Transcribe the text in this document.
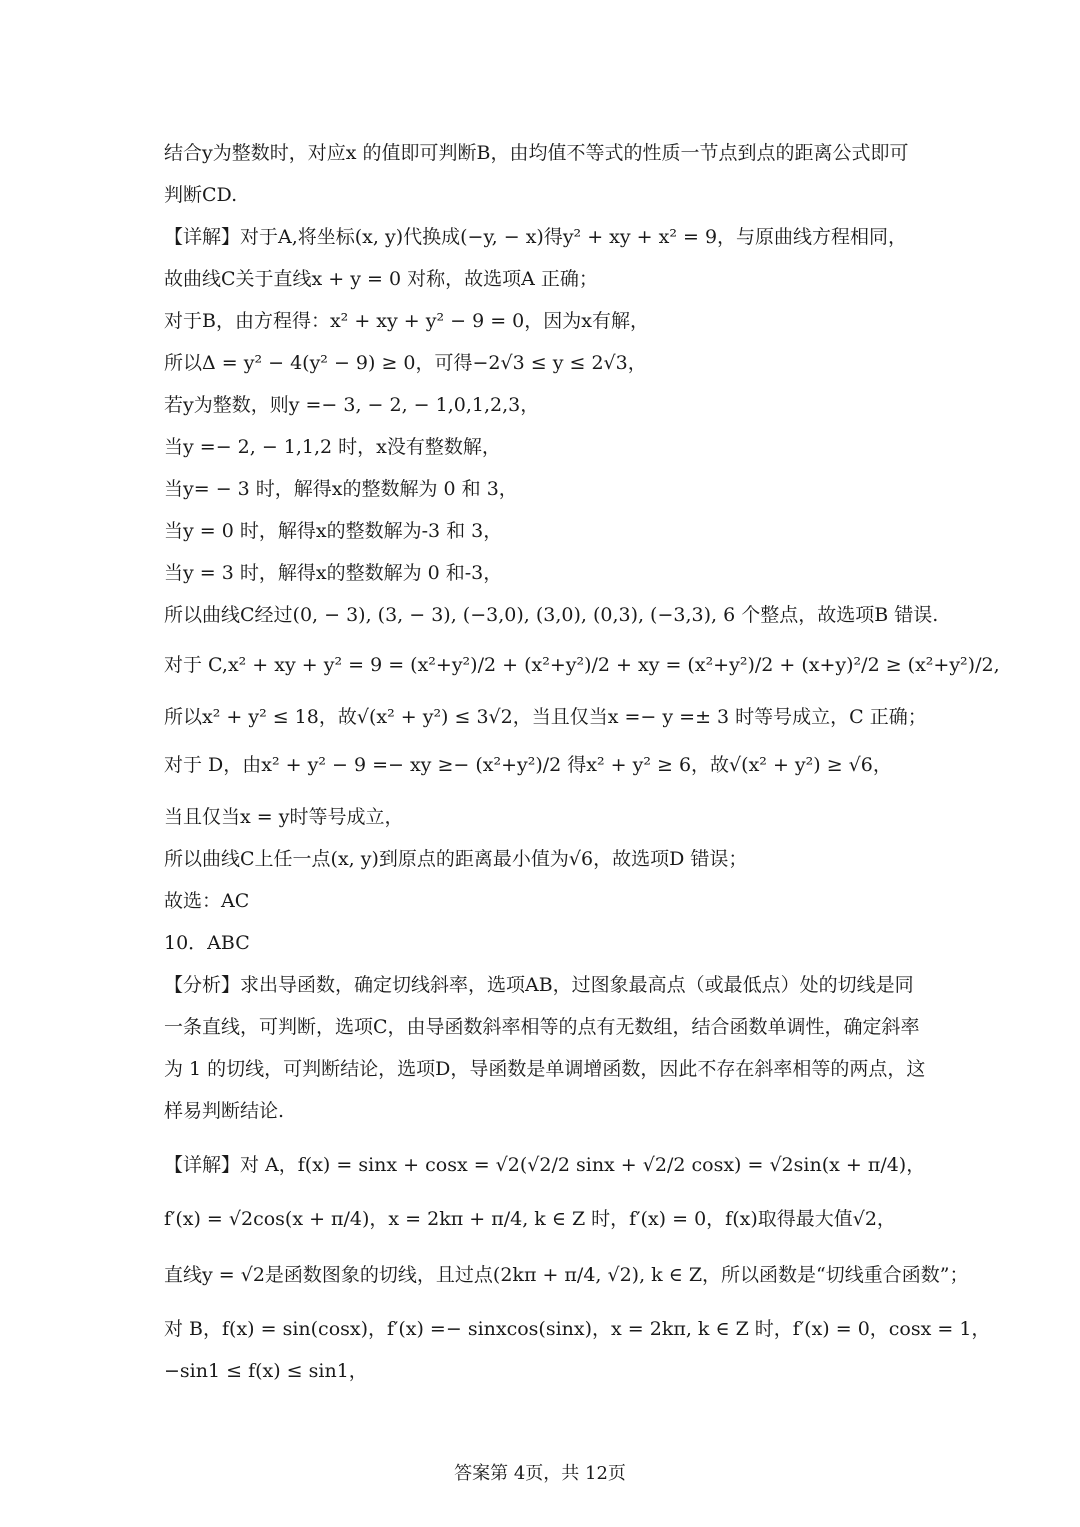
结合y为整数时，对应x 的值即可判断B，由均值不等式的性质一节点到点的距离公式即可
判断CD.
【详解】对于A,将坐标(x, y)代换成(−y, − x)得y² + xy + x² = 9，与原曲线方程相同，
故曲线C关于直线x + y = 0 对称，故选项A 正确；
对于B，由方程得：x² + xy + y² − 9 = 0，因为x有解，
所以Δ = y² − 4(y² − 9) ≥ 0，可得−2√3 ≤ y ≤ 2√3，
若y为整数，则y =− 3, − 2, − 1,0,1,2,3，
当y =− 2, − 1,1,2 时，x没有整数解，
当y= − 3 时，解得x的整数解为 0 和 3，
当y = 0 时，解得x的整数解为-3 和 3，
当y = 3 时，解得x的整数解为 0 和-3，
所以曲线C经过(0, − 3), (3, − 3), (−3,0), (3,0), (0,3), (−3,3), 6 个整点，故选项B 错误.
对于 C,x² + xy + y² = 9 = (x²+y²)/2 + (x²+y²)/2 + xy = (x²+y²)/2 + (x+y)²/2 ≥ (x²+y²)/2,
所以x² + y² ≤ 18，故√(x² + y²) ≤ 3√2，当且仅当x =− y =± 3 时等号成立，C 正确；
对于 D，由x² + y² − 9 =− xy ≥− (x²+y²)/2 得x² + y² ≥ 6，故√(x² + y²) ≥ √6，
当且仅当x = y时等号成立，
所以曲线C上任一点(x, y)到原点的距离最小值为√6，故选项D 错误；
故选：AC
10．ABC
【分析】求出导函数，确定切线斜率，选项AB，过图象最高点（或最低点）处的切线是同
一条直线，可判断，选项C，由导函数斜率相等的点有无数组，结合函数单调性，确定斜率
为 1 的切线，可判断结论，选项D，导函数是单调增函数，因此不存在斜率相等的两点，这
样易判断结论.
【详解】对 A，f(x) = sinx + cosx = √2(√2/2 sinx + √2/2 cosx) = √2sin(x + π/4)，
f′(x) = √2cos(x + π/4)，x = 2kπ + π/4, k ∈ Z 时，f′(x) = 0，f(x)取得最大值√2，
直线y = √2是函数图象的切线，且过点(2kπ + π/4, √2), k ∈ Z，所以函数是“切线重合函数”；
对 B，f(x) = sin(cosx)，f′(x) =− sinxcos(sinx)，x = 2kπ, k ∈ Z 时，f′(x) = 0，cosx = 1，
−sin1 ≤ f(x) ≤ sin1，
答案第 4页，共 12页
